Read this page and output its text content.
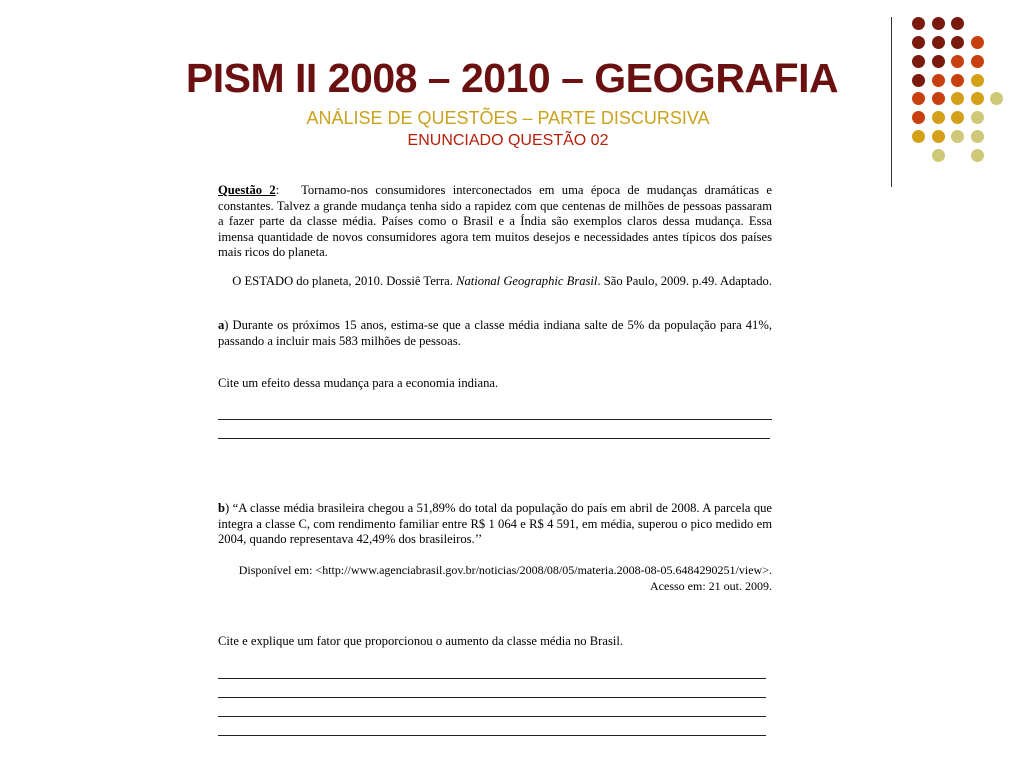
PISM II 2008 – 2010 – GEOGRAFIA
ANÁLISE DE QUESTÕES – PARTE DISCURSIVA
ENUNCIADO QUESTÃO 02

Questão 2: Tornamo-nos consumidores interconectados em uma época de mudanças dramáticas e constantes. Talvez a grande mudança tenha sido a rapidez com que centenas de milhões de pessoas passaram a fazer parte da classe média. Países como o Brasil e a Índia são exemplos claros dessa mudança. Essa imensa quantidade de novos consumidores agora tem muitos desejos e necessidades antes típicos dos países mais ricos do planeta.

O ESTADO do planeta, 2010. Dossiê Terra. National Geographic Brasil. São Paulo, 2009. p.49. Adaptado.

a) Durante os próximos 15 anos, estima-se que a classe média indiana salte de 5% da população para 41%, passando a incluir mais 583 milhões de pessoas.

Cite um efeito dessa mudança para a economia indiana.

b) “A classe média brasileira chegou a 51,89% do total da população do país em abril de 2008. A parcela que integra a classe C, com rendimento familiar entre R$ 1 064 e R$ 4 591, em média, superou o pico medido em 2004, quando representava 42,49% dos brasileiros.’’

Disponível em: <http://www.agenciabrasil.gov.br/noticias/2008/08/05/materia.2008-08-05.6484290251/view>.
Acesso em: 21 out. 2009.
Cite e explique um fator que proporcionou o aumento da classe média no Brasil.
